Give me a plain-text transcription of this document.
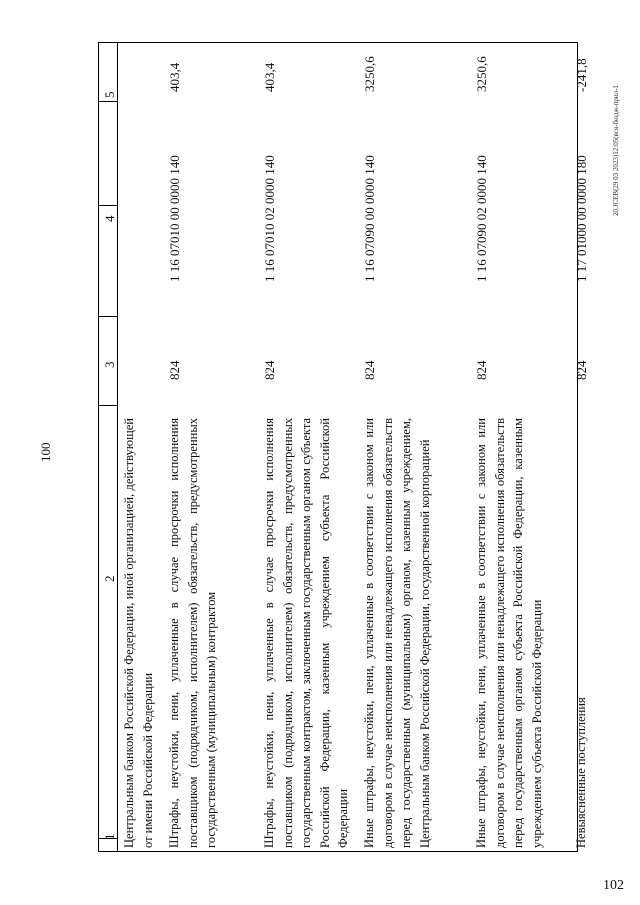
100
102
20.JCEB(29 03 2023)12:05(вся-бюдж-прил-1
1
2
3
4
5
Центральным банком Российской Федерации, иной организацией, действующей от имени Российской Федерации Штрафы, неустойки, пени, уплаченные в случае просрочки исполнения поставщиком (подрядчиком, исполнителем) обязательств, предусмотренных государственным (муниципальным) контрактом
824
1 16 07010 00 0000 140
403,4
Штрафы, неустойки, пени, уплаченные в случае просрочки исполнения поставщиком (подрядчиком, исполнителем) обязательств, предусмотренных государственным контрактом, заключенным государственным органом субъекта Российской Федерации, казенным учреждением субъекта Российской Федерации
824
1 16 07010 02 0000 140
403,4
Иные штрафы, неустойки, пени, уплаченные в соответствии с законом или договором в случае неисполнения или ненадлежащего исполнения обязательств перед государственным (муниципальным) органом, казенным учреждением, Центральным банком Российской Федерации, государственной корпорацией
824
1 16 07090 00 0000 140
3250,6
Иные штрафы, неустойки, пени, уплаченные в соответствии с законом или договором в случае неисполнения или ненадлежащего исполнения обязательств перед государственным органом субъекта Российской Федерации, казенным учреждением субъекта Российской Федерации
824
1 16 07090 02 0000 140
3250,6
Невыясненные поступления
824
1 17 01000 00 0000 180
-241,8
